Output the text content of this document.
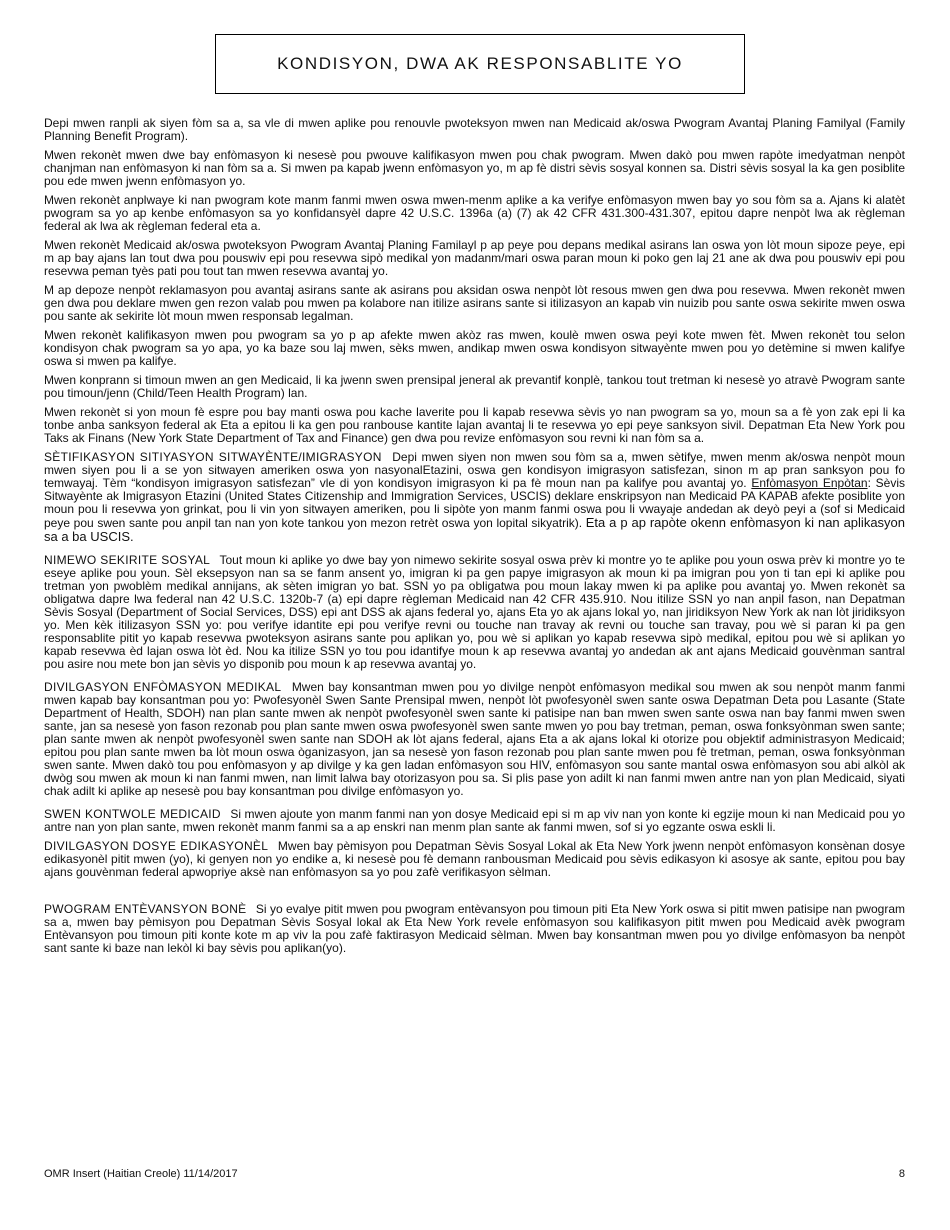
KONDISYON, DWA AK RESPONSABLITE YO

Depi mwen ranpli ak siyen fòm sa a, sa vle di mwen aplike pou renouvle pwoteksyon mwen nan Medicaid ak/oswa Pwogram Avantaj Planing Familyal (Family Planning Benefit Program).

Mwen rekonèt mwen dwe bay enfòmasyon ki nesesè pou pwouve kalifikasyon mwen pou chak pwogram. Mwen dakò pou mwen rapòte imedyatman nenpòt chanjman nan enfòmasyon ki nan fòm sa a. Si mwen pa kapab jwenn enfòmasyon yo, m ap fè distri sèvis sosyal konnen sa. Distri sèvis sosyal la ka gen posiblite pou ede mwen jwenn enfòmasyon yo.

Mwen rekonèt anplwaye ki nan pwogram kote manm fanmi mwen oswa mwen-menm aplike a ka verifye enfòmasyon mwen bay yo sou fòm sa a. Ajans ki alatèt pwogram sa yo ap kenbe enfòmasyon sa yo konfidansyèl dapre 42 U.S.C. 1396a (a) (7) ak 42 CFR 431.300-431.307, epitou dapre nenpòt lwa ak règleman federal ak lwa ak règleman federal eta a.

Mwen rekonèt Medicaid ak/oswa pwoteksyon Pwogram Avantaj Planing Familayl p ap peye pou depans medikal asirans lan oswa yon lòt moun sipoze peye, epi m ap bay ajans lan tout dwa pou pouswiv epi pou resevwa sipò medikal yon madanm/mari oswa paran moun ki poko gen laj 21 ane ak dwa pou pouswiv epi pou resevwa peman tyès pati pou tout tan mwen resevwa avantaj yo.

M ap depoze nenpòt reklamasyon pou avantaj asirans sante ak asirans pou aksidan oswa nenpòt lòt resous mwen gen dwa pou resevwa. Mwen rekonèt mwen gen dwa pou deklare mwen gen rezon valab pou mwen pa kolabore nan itilize asirans sante si itilizasyon an kapab vin nuizib pou sante oswa sekirite mwen oswa pou sante ak sekirite lòt moun mwen responsab legalman.

Mwen rekonèt kalifikasyon mwen pou pwogram sa yo p ap afekte mwen akòz ras mwen, koulè mwen oswa peyi kote mwen fèt. Mwen rekonèt tou selon kondisyon chak pwogram sa yo apa, yo ka baze sou laj mwen, sèks mwen, andikap mwen oswa kondisyon sitwayènte mwen pou yo detèmine si mwen kalifye oswa si mwen pa kalifye.

Mwen konprann si timoun mwen an gen Medicaid, li ka jwenn swen prensipal jeneral ak prevantif konplè, tankou tout tretman ki nesesè yo atravè Pwogram sante pou timoun/jenn (Child/Teen Health Program) lan.

Mwen rekonèt si yon moun fè espre pou bay manti oswa pou kache laverite pou li kapab resevwa sèvis yo nan pwogram sa yo, moun sa a fè yon zak epi li ka tonbe anba sanksyon federal ak Eta a epitou li ka gen pou ranbouse kantite lajan avantaj li te resevwa yo epi peye sanksyon sivil. Depatman Eta New York pou Taks ak Finans (New York State Department of Tax and Finance) gen dwa pou revize enfòmasyon sou revni ki nan fòm sa a.

SÈTIFIKASYON SITIYASYON SITWAYÈNTE/IMIGRASYON Depi mwen siyen non mwen sou fòm sa a, mwen sètifye, mwen menm ak/oswa nenpòt moun mwen siyen pou li a se yon sitwayen ameriken oswa yon nasyonalEtazini, oswa gen kondisyon imigrasyon satisfezan, sinon m ap pran sanksyon pou fo temwayaj. Tèm “kondisyon imigrasyon satisfezan” vle di yon kondisyon imigrasyon ki pa fè moun nan pa kalifye pou avantaj yo. Enfòmasyon Enpòtan: Sèvis Sitwayènte ak Imigrasyon Etazini (United States Citizenship and Immigration Services, USCIS) deklare enskripsyon nan Medicaid PA KAPAB afekte posiblite yon moun pou li resevwa yon grinkat, pou li vin yon sitwayen ameriken, pou li sipòte yon manm fanmi oswa pou li vwayaje andedan ak deyò peyi a (sof si Medicaid peye pou swen sante pou anpil tan nan yon kote tankou yon mezon retrèt oswa yon lopital sikyatrik). Eta a p ap rapòte okenn enfòmasyon ki nan aplikasyon sa a ba USCIS.

NIMEWO SEKIRITE SOSYAL Tout moun ki aplike yo dwe bay yon nimewo sekirite sosyal oswa prèv ki montre yo te aplike pou youn oswa prèv ki montre yo te eseye aplike pou youn. Sèl eksepsyon nan sa se fanm ansent yo, imigran ki pa gen papye imigrasyon ak moun ki pa imigran pou yon ti tan epi ki aplike pou tretman yon pwoblèm medikal annijans, ak sèten imigran yo bat. SSN yo pa obligatwa pou moun lakay mwen ki pa aplike pou avantaj yo. Mwen rekonèt sa obligatwa dapre lwa federal nan 42 U.S.C. 1320b-7 (a) epi dapre règleman Medicaid nan 42 CFR 435.910. Nou itilize SSN yo nan anpil fason, nan Depatman Sèvis Sosyal (Department of Social Services, DSS) epi ant DSS ak ajans federal yo, ajans Eta yo ak ajans lokal yo, nan jiridiksyon New York ak nan lòt jiridiksyon yo. Men kèk itilizasyon SSN yo: pou verifye idantite epi pou verifye revni ou touche nan travay ak revni ou touche san travay, pou wè si paran ki pa gen responsablite pitit yo kapab resevwa pwoteksyon asirans sante pou aplikan yo, pou wè si aplikan yo kapab resevwa sipò medikal, epitou pou wè si aplikan yo kapab resevwa èd lajan oswa lòt èd. Nou ka itilize SSN yo tou pou idantifye moun k ap resevwa avantaj yo andedan ak ant ajans Medicaid gouvènman santral pou asire nou mete bon jan sèvis yo disponib pou moun k ap resevwa avantaj yo.

DIVILGASYON ENFÒMASYON MEDIKAL Mwen bay konsantman mwen pou yo divilge nenpòt enfòmasyon medikal sou mwen ak sou nenpòt manm fanmi mwen kapab bay konsantman pou yo: Pwofesyonèl Swen Sante Prensipal mwen, nenpòt lòt pwofesyonèl swen sante oswa Depatman Deta pou Lasante (State Department of Health, SDOH) nan plan sante mwen ak nenpòt pwofesyonèl swen sante ki patisipe nan ban mwen swen sante oswa nan bay fanmi mwen swen sante, jan sa nesesè yon fason rezonab pou plan sante mwen oswa pwofesyonèl swen sante mwen yo pou bay tretman, peman, oswa fonksyònman swen sante; plan sante mwen ak nenpòt pwofesyonèl swen sante nan SDOH ak lòt ajans federal, ajans Eta a ak ajans lokal ki otorize pou objektif administrasyon Medicaid; epitou pou plan sante mwen ba lòt moun oswa òganizasyon, jan sa nesesè yon fason rezonab pou plan sante mwen pou fè tretman, peman, oswa fonksyònman swen sante. Mwen dakò tou pou enfòmasyon y ap divilge y ka gen ladan enfòmasyon sou HIV, enfòmasyon sou sante mantal oswa enfòmasyon sou abi alkòl ak dwòg sou mwen ak moun ki nan fanmi mwen, nan limit lalwa bay otorizasyon pou sa. Si plis pase yon adilt ki nan fanmi mwen antre nan yon plan Medicaid, siyati chak adilt ki aplike ap nesesè pou bay konsantman pou divilge enfòmasyon yo.

SWEN KONTWOLE MEDICAID Si mwen ajoute yon manm fanmi nan yon dosye Medicaid epi si m ap viv nan yon konte ki egzije moun ki nan Medicaid pou yo antre nan yon plan sante, mwen rekonèt manm fanmi sa a ap enskri nan menm plan sante ak fanmi mwen, sof si yo egzante oswa eskli li.

DIVILGASYON DOSYE EDIKASYONÈL Mwen bay pèmisyon pou Depatman Sèvis Sosyal Lokal ak Eta New York jwenn nenpòt enfòmasyon konsènan dosye edikasyonèl pitit mwen (yo), ki genyen non yo endike a, ki nesesè pou fè demann ranbousman Medicaid pou sèvis edikasyon ki asosye ak sante, epitou pou bay ajans gouvènman federal apwopriye aksè nan enfòmasyon sa yo pou zafè verifikasyon sèlman.

PWOGRAM ENTÈVANSYON BONÈ Si yo evalye pitit mwen pou pwogram entèvansyon pou timoun piti Eta New York oswa si pitit mwen patisipe nan pwogram sa a, mwen bay pèmisyon pou Depatman Sèvis Sosyal lokal ak Eta New York revele enfòmasyon sou kalifikasyon pitit mwen pou Medicaid avèk pwogram Entèvansyon pou timoun piti konte kote m ap viv la pou zafè faktirasyon Medicaid sèlman. Mwen bay konsantman mwen pou yo divilge enfòmasyon ba nenpòt sant sante ki baze nan lekòl ki bay sèvis pou aplikan(yo).

OMR Insert (Haitian Creole) 11/14/2017	8
